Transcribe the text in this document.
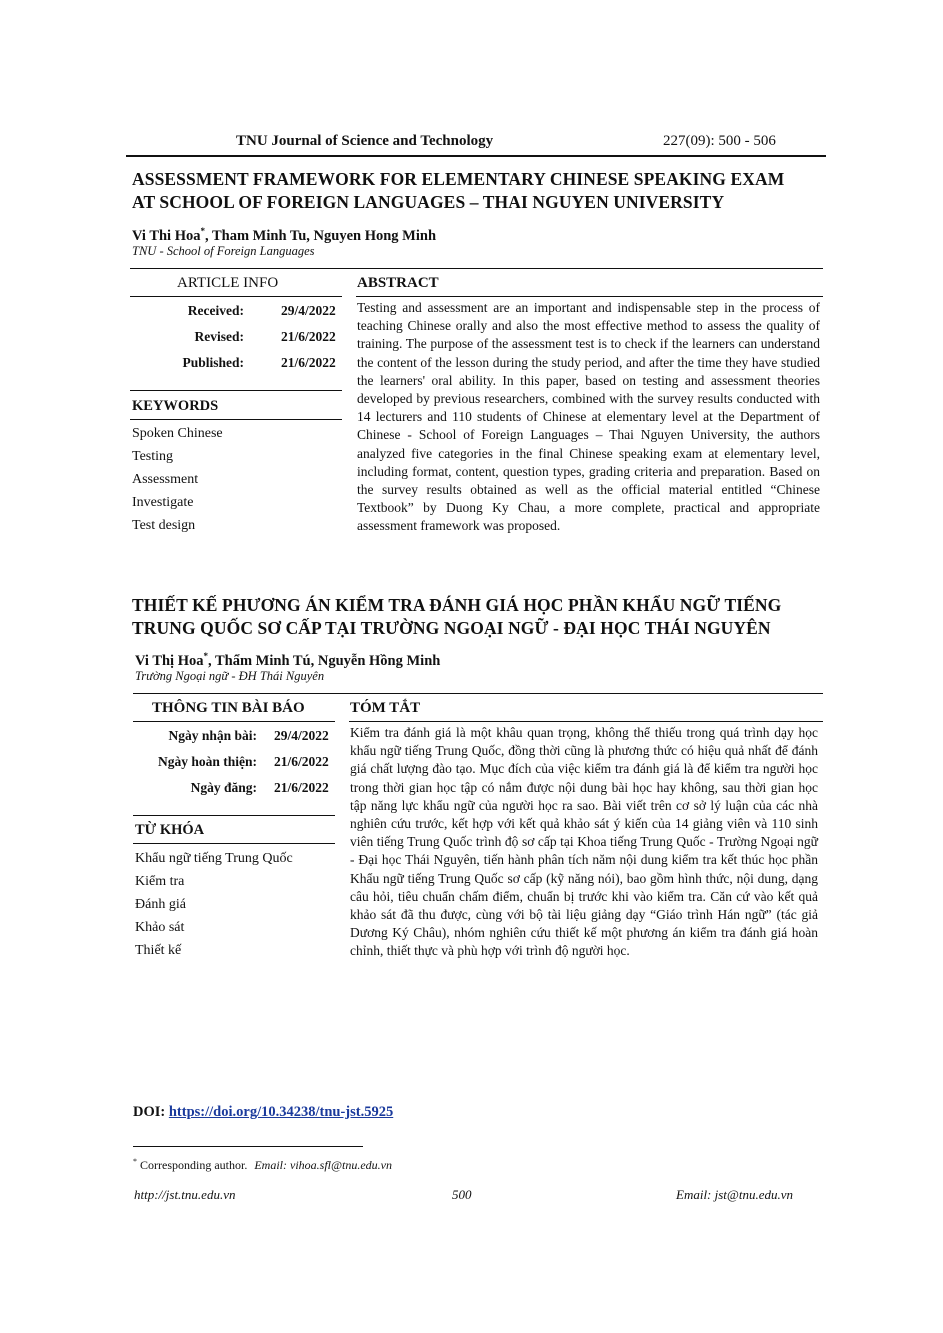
TNU Journal of Science and Technology	227(09): 500 - 506
ASSESSMENT FRAMEWORK FOR ELEMENTARY CHINESE SPEAKING EXAM
AT SCHOOL OF FOREIGN LANGUAGES – THAI NGUYEN UNIVERSITY
Vi Thi Hoa*, Tham Minh Tu, Nguyen Hong Minh
TNU - School of Foreign Languages
ARTICLE INFO	ABSTRACT
Received:	29/4/2022
Revised:	21/6/2022
Published:	21/6/2022
KEYWORDS
Spoken Chinese
Testing
Assessment
Investigate
Test design
Testing and assessment are an important and indispensable step in the process of teaching Chinese orally and also the most effective method to assess the quality of training. The purpose of the assessment test is to check if the learners can understand the content of the lesson during the study period, and after the time they have studied the learners' oral ability. In this paper, based on testing and assessment theories developed by previous researchers, combined with the survey results conducted with 14 lecturers and 110 students of Chinese at elementary level at the Department of Chinese - School of Foreign Languages – Thai Nguyen University, the authors analyzed five categories in the final Chinese speaking exam at elementary level, including format, content, question types, grading criteria and preparation. Based on the survey results obtained as well as the official material entitled “Chinese Textbook” by Duong Ky Chau, a more complete, practical and appropriate assessment framework was proposed.
THIẾT KẾ PHƯƠNG ÁN KIỂM TRA ĐÁNH GIÁ HỌC PHẦN KHẨU NGỮ TIẾNG
TRUNG QUỐC SƠ CẤP TẠI TRƯỜNG NGOẠI NGỮ - ĐẠI HỌC THÁI NGUYÊN
Vi Thị Hoa*, Thẩm Minh Tú, Nguyễn Hồng Minh
Trường Ngoại ngữ - ĐH Thái Nguyên
THÔNG TIN BÀI BÁO	TÓM TẮT
Ngày nhận bài: 29/4/2022
Ngày hoàn thiện: 21/6/2022
Ngày đăng: 21/6/2022
TỪ KHÓA
Khẩu ngữ tiếng Trung Quốc
Kiểm tra
Đánh giá
Khảo sát
Thiết kế
Kiểm tra đánh giá là một khâu quan trọng, không thể thiếu trong quá trình dạy học khẩu ngữ tiếng Trung Quốc, đồng thời cũng là phương thức có hiệu quả nhất để đánh giá chất lượng đào tạo. Mục đích của việc kiểm tra đánh giá là để kiểm tra người học trong thời gian học tập có nắm được nội dung bài học hay không, sau thời gian học tập năng lực khẩu ngữ của người học ra sao. Bài viết trên cơ sở lý luận của các nhà nghiên cứu trước, kết hợp với kết quả khảo sát ý kiến của 14 giảng viên và 110 sinh viên tiếng Trung Quốc trình độ sơ cấp tại Khoa tiếng Trung Quốc - Trường Ngoại ngữ - Đại học Thái Nguyên, tiến hành phân tích năm nội dung kiểm tra kết thúc học phần Khẩu ngữ tiếng Trung Quốc sơ cấp (kỹ năng nói), bao gồm hình thức, nội dung, dạng câu hỏi, tiêu chuẩn chấm điểm, chuẩn bị trước khi vào kiểm tra. Căn cứ vào kết quả khảo sát đã thu được, cùng với bộ tài liệu giảng dạy “Giáo trình Hán ngữ” (tác giả Dương Ký Châu), nhóm nghiên cứu thiết kế một phương án kiểm tra đánh giá hoàn chỉnh, thiết thực và phù hợp với trình độ người học.
DOI: https://doi.org/10.34238/tnu-jst.5925
* Corresponding author. Email: vihoa.sfl@tnu.edu.vn
http://jst.tnu.edu.vn	500	Email: jst@tnu.edu.vn
